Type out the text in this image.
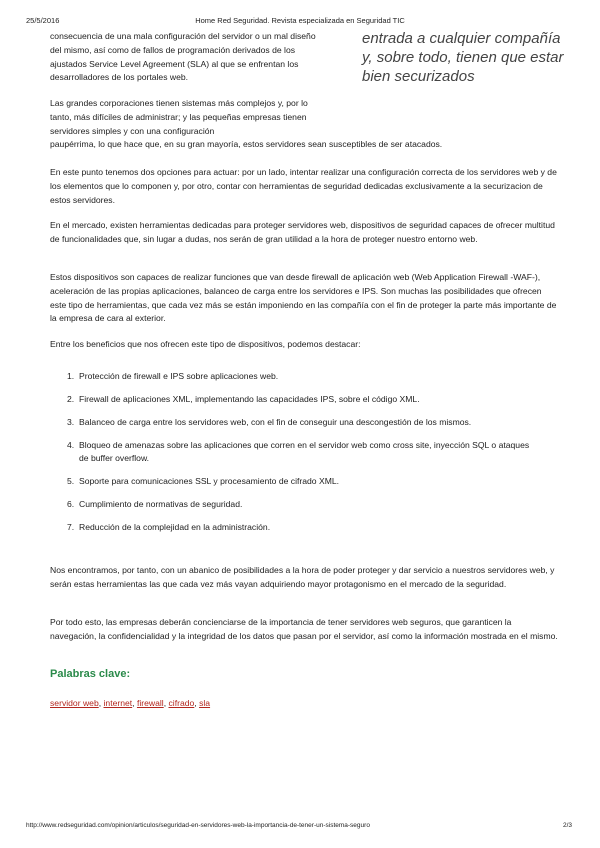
25/5/2016	Home Red Seguridad. Revista especializada en Seguridad TIC

consecuencia de una mala configuración del servidor o un mal diseño del mismo, así como de fallos de programación derivados de los ajustados Service Level Agreement (SLA) al que se enfrentan los desarrolladores de los portales web.

Las grandes corporaciones tienen sistemas más complejos y, por lo tanto, más difíciles de administrar; y las pequeñas empresas tienen servidores simples y con una configuración

entrada a cualquier compañía y, sobre todo, tienen que estar bien securizados

paupérrima, lo que hace que, en su gran mayoría, estos servidores sean susceptibles de ser atacados.

En este punto tenemos dos opciones para actuar: por un lado, intentar realizar una configuración correcta de los servidores web y de los elementos que lo componen y, por otro, contar con herramientas de seguridad dedicadas exclusivamente a la securizacion de estos servidores.

En el mercado, existen herramientas dedicadas para proteger servidores web, dispositivos de seguridad capaces de ofrecer multitud de funcionalidades que, sin lugar a dudas, nos serán de gran utilidad a la hora de proteger nuestro entorno web.

Estos dispositivos son capaces de realizar funciones que van desde firewall de aplicación web (Web Application Firewall -WAF-), aceleración de las propias aplicaciones, balanceo de carga entre los servidores e IPS. Son muchas las posibilidades que ofrecen este tipo de herramientas, que cada vez más se están imponiendo en las compañía con el fin de proteger la parte más importante de la empresa de cara al exterior.

Entre los beneficios que nos ofrecen este tipo de dispositivos, podemos destacar:

1. Protección de firewall e IPS sobre aplicaciones web.
2. Firewall de aplicaciones XML, implementando las capacidades IPS, sobre el código XML.
3. Balanceo de carga entre los servidores web, con el fin de conseguir una descongestión de los mismos.
4. Bloqueo de amenazas sobre las aplicaciones que corren en el servidor web como cross site, inyección SQL o ataques de buffer overflow.
5. Soporte para comunicaciones SSL y procesamiento de cifrado XML.
6. Cumplimiento de normativas de seguridad.
7. Reducción de la complejidad en la administración.

Nos encontramos, por tanto, con un abanico de posibilidades a la hora de poder proteger y dar servicio a nuestros servidores web, y serán estas herramientas las que cada vez más vayan adquiriendo mayor protagonismo en el mercado de la seguridad.

Por todo esto, las empresas deberán concienciarse de la importancia de tener servidores web seguros, que garanticen la navegación, la confidencialidad y la integridad de los datos que pasan por el servidor, así como la información mostrada en el mismo.

Palabras clave:
servidor web, internet, firewall, cifrado, sla
http://www.redseguridad.com/opinion/articulos/seguridad-en-servidores-web-la-importancia-de-tener-un-sistema-seguro	2/3
